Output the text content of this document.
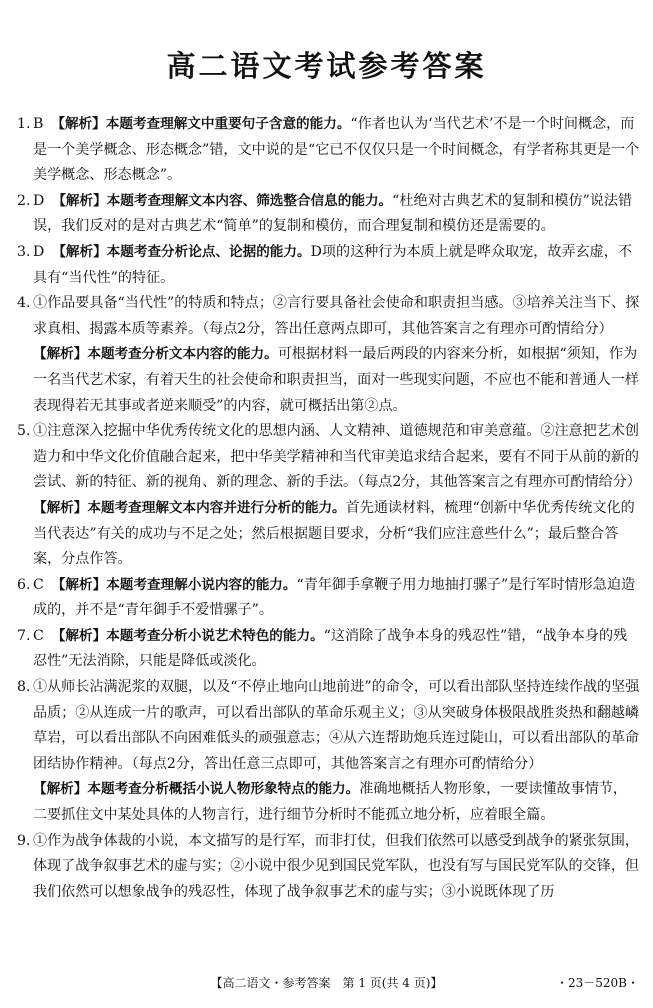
高二语文考试参考答案
1. B 【解析】本题考查理解文中重要句子含意的能力。“作者也认为‘当代艺术’不是一个时间概念，而是一个美学概念、形态概念”错，文中说的是“它已不仅仅只是一个时间概念，有学者称其更是一个美学概念、形态概念”。
2. D 【解析】本题考查理解文本内容、筛选整合信息的能力。“杜绝对古典艺术的复制和模仿”说法错误，我们反对的是对古典艺术“简单”的复制和模仿，而合理复制和模仿还是需要的。
3. D 【解析】本题考查分析论点、论据的能力。D项的这种行为本质上就是哗众取宠，故弄玄虚，不具有“当代性”的特征。
4. ①作品要具备“当代性”的特质和特点；②言行要具备社会使命和职责担当感。③培养关注当下、探求真相、揭露本质等素养。（每点2分，答出任意两点即可，其他答案言之有理亦可酌情给分）
【解析】本题考查分析文本内容的能力。可根据材料一最后两段的内容来分析，如根据“须知，作为一名当代艺术家，有着天生的社会使命和职责担当，面对一些现实问题，不应也不能和普通人一样表现得若无其事或者逆来顺受”的内容，就可概括出第②点。
5. ①注意深入挖掘中华优秀传统文化的思想内涵、人文精神、道德规范和审美意蕴。②注意把艺术创造力和中华文化价值融合起来，把中华美学精神和当代审美追求结合起来，要有不同于从前的新的尝试、新的特征、新的视角、新的理念、新的手法。（每点2分，其他答案言之有理亦可酌情给分）
【解析】本题考查理解文本内容并进行分析的能力。首先通读材料，梳理“创新中华优秀传统文化的当代表达”有关的成功与不足之处；然后根据题目要求，分析“我们应注意些什么”；最后整合答案，分点作答。
6. C 【解析】本题考查理解小说内容的能力。“青年御手拿鞭子用力地抽打骡子”是行军时情形急迫造成的，并不是“青年御手不爱惜骡子”。
7. C 【解析】本题考查分析小说艺术特色的能力。“这消除了战争本身的残忍性”错，“战争本身的残忍性”无法消除，只能是降低或淡化。
8. ①从师长沾满泥浆的双腿，以及“不停止地向山地前进”的命令，可以看出部队坚持连续作战的坚强品质；②从连成一片的歌声，可以看出部队的革命乐观主义；③从突破身体极限战胜炎热和翻越嶙草岩，可以看出部队不向困难低头的顽强意志；④从六连帮助炮兵连过陡山，可以看出部队的革命团结协作精神。（每点2分，答出任意三点即可，其他答案言之有理亦可酌情给分）
【解析】本题考查分析概括小说人物形象特点的能力。准确地概括人物形象，一要读懂故事情节，二要抓住文中某处具体的人物言行，进行细节分析时不能孤立地分析，应着眼全篇。
9. ①作为战争体裁的小说，本文描写的是行军，而非打仗，但我们依然可以感受到战争的紧张氛围，体现了战争叙事艺术的虚与实；②小说中很少见到国民党军队，也没有写与国民党军队的交锋，但我们依然可以想象战争的残忍性，体现了战争叙事艺术的虚与实；③小说既体现了历
【高二语文・参考答案　第 1 页(共 4 页)】	・23－520B・
